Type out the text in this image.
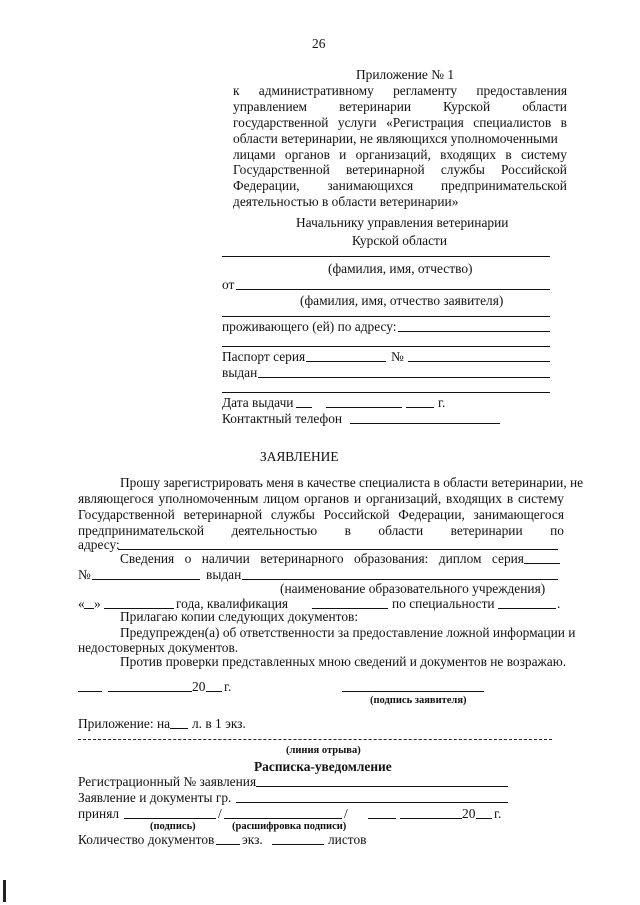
26
Приложение № 1
к административному регламенту предоставления
управлением ветеринарии Курской области
государственной услуги «Регистрация специалистов в
области ветеринарии, не являющихся уполномоченными
лицами органов и организаций, входящих в систему
Государственной ветеринарной службы Российской
Федерации, занимающихся предпринимательской
деятельностью в области ветеринарии»
Начальнику управления ветеринарии
Курской области
(фамилия, имя, отчество)
от
(фамилия, имя, отчество заявителя)
проживающего (ей) по адресу:
Паспорт серия	№
выдан
Дата выдачи	г.
Контактный телефон
ЗАЯВЛЕНИЕ
Прошу зарегистрировать меня в качестве специалиста в области ветеринарии, не
являющегося уполномоченным лицом органов и организаций, входящих в систему
Государственной ветеринарной службы Российской Федерации, занимающегося
предпринимательской деятельностью в области ветеринарии по
адресу:
Сведения о наличии ветеринарного образования: диплом серия
№	выдан
(наименование образовательного учреждения)
« »	года, квалификация	по специальности	.
Прилагаю копии следующих документов:
Предупрежден(а) об ответственности за предоставление ложной информации и
недостоверных документов.
Против проверки представленных мною сведений и документов не возражаю.
20 г.
(подпись заявителя)
Приложение: на л. в 1 экз.
(линия отрыва)
Расписка-уведомление
Регистрационный № заявления
Заявление и документы гр.
принял	/	/	20 г.
(подпись)	(расшифровка подписи)
Количество документов экз.	листов
